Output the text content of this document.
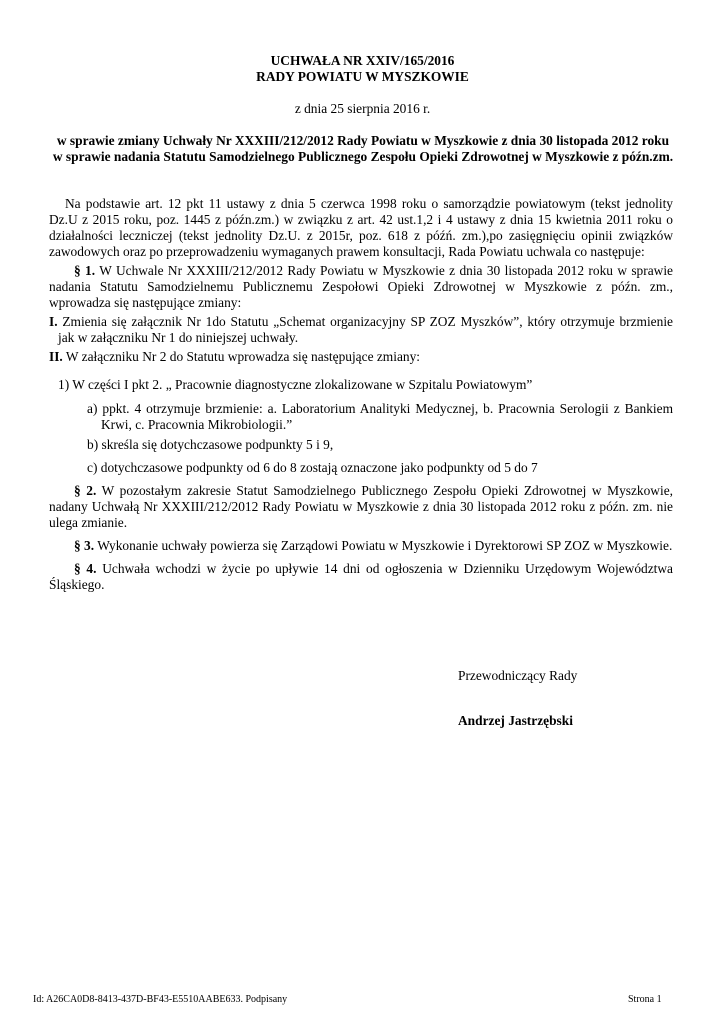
UCHWAŁA NR XXIV/165/2016
RADY POWIATU W MYSZKOWIE
z dnia 25 sierpnia 2016 r.
w sprawie zmiany Uchwały Nr XXXIII/212/2012 Rady Powiatu w Myszkowie z dnia 30 listopada 2012 roku
w sprawie nadania Statutu Samodzielnego Publicznego Zespołu Opieki Zdrowotnej w Myszkowie z późn.zm.
Na podstawie art. 12 pkt 11 ustawy z dnia 5 czerwca 1998 roku o samorządzie powiatowym (tekst jednolity
Dz.U z 2015 roku, poz. 1445 z późn.zm.) w związku z art. 42 ust.1,2 i 4 ustawy z dnia 15 kwietnia 2011 roku o
działalności leczniczej (tekst jednolity Dz.U. z 2015r, poz. 618 z późń. zm.),po zasięgnięciu opinii związków
zawodowych oraz po przeprowadzeniu wymaganych prawem konsultacji, Rada Powiatu uchwala co następuje:
§ 1. W Uchwale Nr XXXIII/212/2012 Rady Powiatu w Myszkowie z dnia 30 listopada 2012 roku w sprawie
nadania Statutu Samodzielnemu Publicznemu Zespołowi Opieki Zdrowotnej w Myszkowie z późn. zm.,
wprowadza się następujące zmiany:
I. Zmienia się załącznik Nr 1do Statutu „Schemat organizacyjny SP ZOZ Myszków”, który otrzymuje brzmienie
jak w załączniku Nr 1 do niniejszej uchwały.
II. W załączniku Nr 2 do Statutu wprowadza się następujące zmiany:
1) W części I pkt 2. „ Pracownie diagnostyczne zlokalizowane w Szpitalu Powiatowym”
a) ppkt. 4 otrzymuje brzmienie: a. Laboratorium Analityki Medycznej, b. Pracownia Serologii z Bankiem
Krwi, c. Pracownia Mikrobiologii.”
b) skreśla się dotychczasowe podpunkty 5 i 9,
c) dotychczasowe podpunkty od 6 do 8 zostają oznaczone jako podpunkty od 5 do 7
§ 2. W pozostałym zakresie Statut Samodzielnego Publicznego Zespołu Opieki Zdrowotnej w Myszkowie,
nadany Uchwałą Nr XXXIII/212/2012 Rady Powiatu w Myszkowie z dnia 30 listopada 2012 roku z późn. zm. nie
ulega zmianie.
§ 3. Wykonanie uchwały powierza się Zarządowi Powiatu w Myszkowie i Dyrektorowi SP ZOZ w Myszkowie.
§ 4. Uchwała wchodzi w życie po upływie 14 dni od ogłoszenia w Dzienniku Urzędowym Województwa
Śląskiego.
Przewodniczący Rady
Andrzej Jastrzębski
Id: A26CA0D8-8413-437D-BF43-E5510AABE633. Podpisany	Strona 1
